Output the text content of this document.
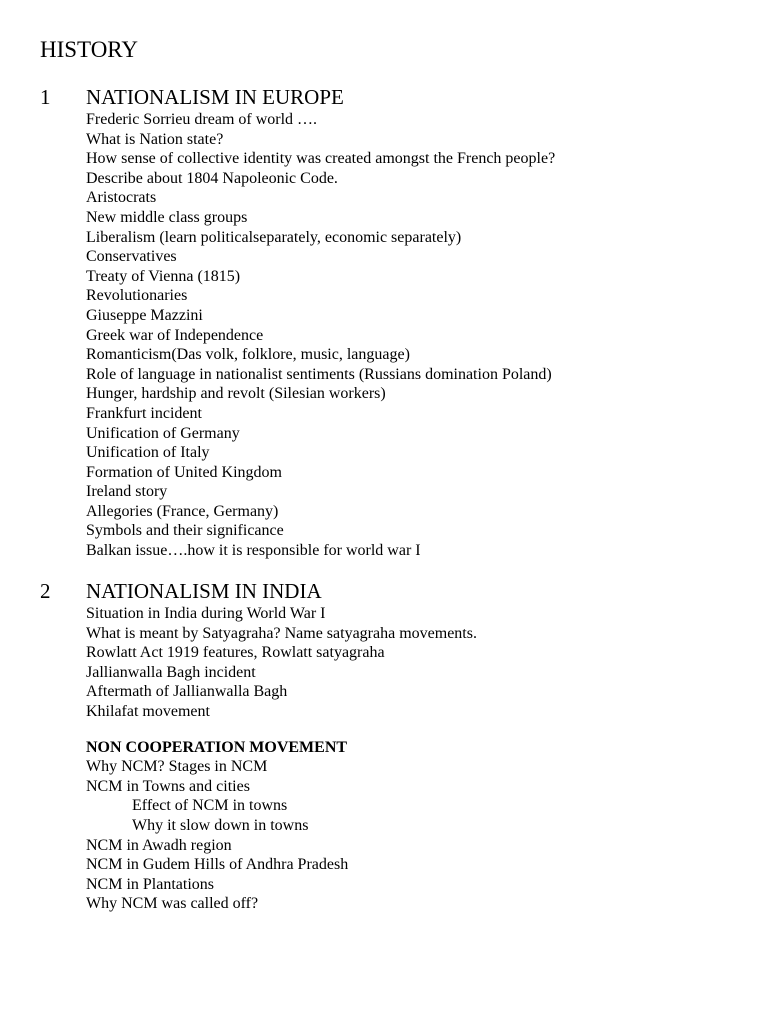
HISTORY
1 NATIONALISM IN EUROPE
Frederic Sorrieu dream of world ….
What is Nation state?
How sense of collective identity was created amongst the French people?
Describe about 1804 Napoleonic Code.
Aristocrats
New middle class groups
Liberalism (learn politicalseparately, economic separately)
Conservatives
Treaty of Vienna (1815)
Revolutionaries
Giuseppe Mazzini
Greek war of Independence
Romanticism(Das volk, folklore, music, language)
Role of language in nationalist sentiments (Russians domination Poland)
Hunger, hardship and revolt (Silesian workers)
Frankfurt incident
Unification of Germany
Unification of Italy
Formation of United Kingdom
Ireland story
Allegories (France, Germany)
Symbols and their significance
Balkan issue….how it is responsible for world war I
2 NATIONALISM IN INDIA
Situation in India during World War I
What is meant by Satyagraha? Name satyagraha movements.
Rowlatt Act 1919 features, Rowlatt satyagraha
Jallianwalla Bagh incident
Aftermath of Jallianwalla Bagh
Khilafat movement
NON COOPERATION MOVEMENT
Why NCM? Stages in NCM
NCM in Towns and cities
Effect of NCM in towns
Why it slow down in towns
NCM in Awadh region
NCM in Gudem Hills of Andhra Pradesh
NCM in Plantations
Why NCM was called off?
